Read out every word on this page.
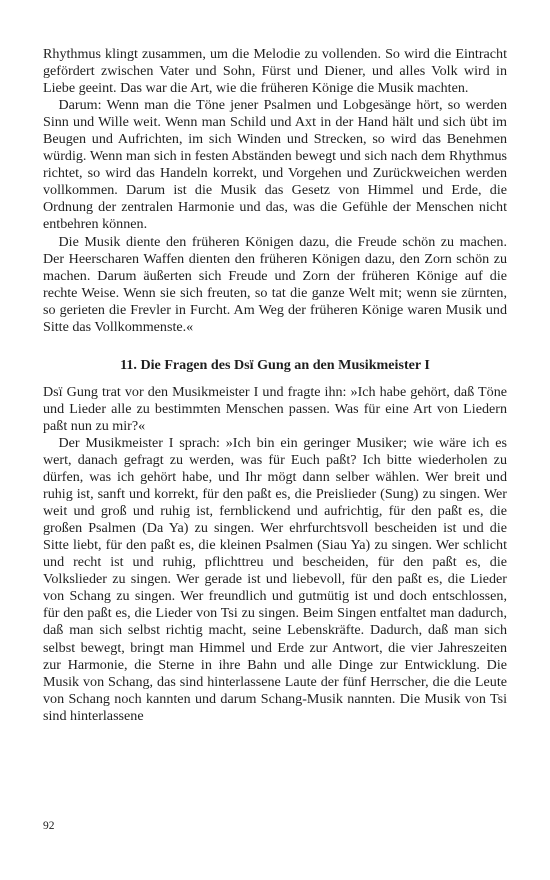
Rhythmus klingt zusammen, um die Melodie zu vollenden. So wird die Eintracht gefördert zwischen Vater und Sohn, Fürst und Diener, und alles Volk wird in Liebe geeint. Das war die Art, wie die früheren Könige die Musik machten.

Darum: Wenn man die Töne jener Psalmen und Lobgesänge hört, so werden Sinn und Wille weit. Wenn man Schild und Axt in der Hand hält und sich übt im Beugen und Aufrichten, im sich Winden und Strecken, so wird das Benehmen würdig. Wenn man sich in festen Abständen bewegt und sich nach dem Rhythmus richtet, so wird das Handeln korrekt, und Vorgehen und Zurückweichen werden vollkommen. Darum ist die Musik das Gesetz von Himmel und Erde, die Ordnung der zentralen Harmonie und das, was die Gefühle der Menschen nicht entbehren können.

Die Musik diente den früheren Königen dazu, die Freude schön zu machen. Der Heerscharen Waffen dienten den früheren Königen dazu, den Zorn schön zu machen. Darum äußerten sich Freude und Zorn der früheren Könige auf die rechte Weise. Wenn sie sich freuten, so tat die ganze Welt mit; wenn sie zürnten, so gerieten die Frevler in Furcht. Am Weg der früheren Könige waren Musik und Sitte das Vollkommenste.«

11. Die Fragen des Dsï Gung an den Musikmeister I

Dsï Gung trat vor den Musikmeister I und fragte ihn: »Ich habe gehört, daß Töne und Lieder alle zu bestimmten Menschen passen. Was für eine Art von Liedern paßt nun zu mir?«

Der Musikmeister I sprach: »Ich bin ein geringer Musiker; wie wäre ich es wert, danach gefragt zu werden, was für Euch paßt? Ich bitte wiederholen zu dürfen, was ich gehört habe, und Ihr mögt dann selber wählen. Wer breit und ruhig ist, sanft und korrekt, für den paßt es, die Preislieder (Sung) zu singen. Wer weit und groß und ruhig ist, fernblickend und aufrichtig, für den paßt es, die großen Psalmen (Da Ya) zu singen. Wer ehrfurchtsvoll bescheiden ist und die Sitte liebt, für den paßt es, die kleinen Psalmen (Siau Ya) zu singen. Wer schlicht und recht ist und ruhig, pflichttreu und bescheiden, für den paßt es, die Volkslieder zu singen. Wer gerade ist und liebevoll, für den paßt es, die Lieder von Schang zu singen. Wer freundlich und gutmütig ist und doch entschlossen, für den paßt es, die Lieder von Tsi zu singen. Beim Singen entfaltet man dadurch, daß man sich selbst richtig macht, seine Lebenskräfte. Dadurch, daß man sich selbst bewegt, bringt man Himmel und Erde zur Antwort, die vier Jahreszeiten zur Harmonie, die Sterne in ihre Bahn und alle Dinge zur Entwicklung. Die Musik von Schang, das sind hinterlassene Laute der fünf Herrscher, die die Leute von Schang noch kannten und darum Schang-Musik nannten. Die Musik von Tsi sind hinterlassene

92
